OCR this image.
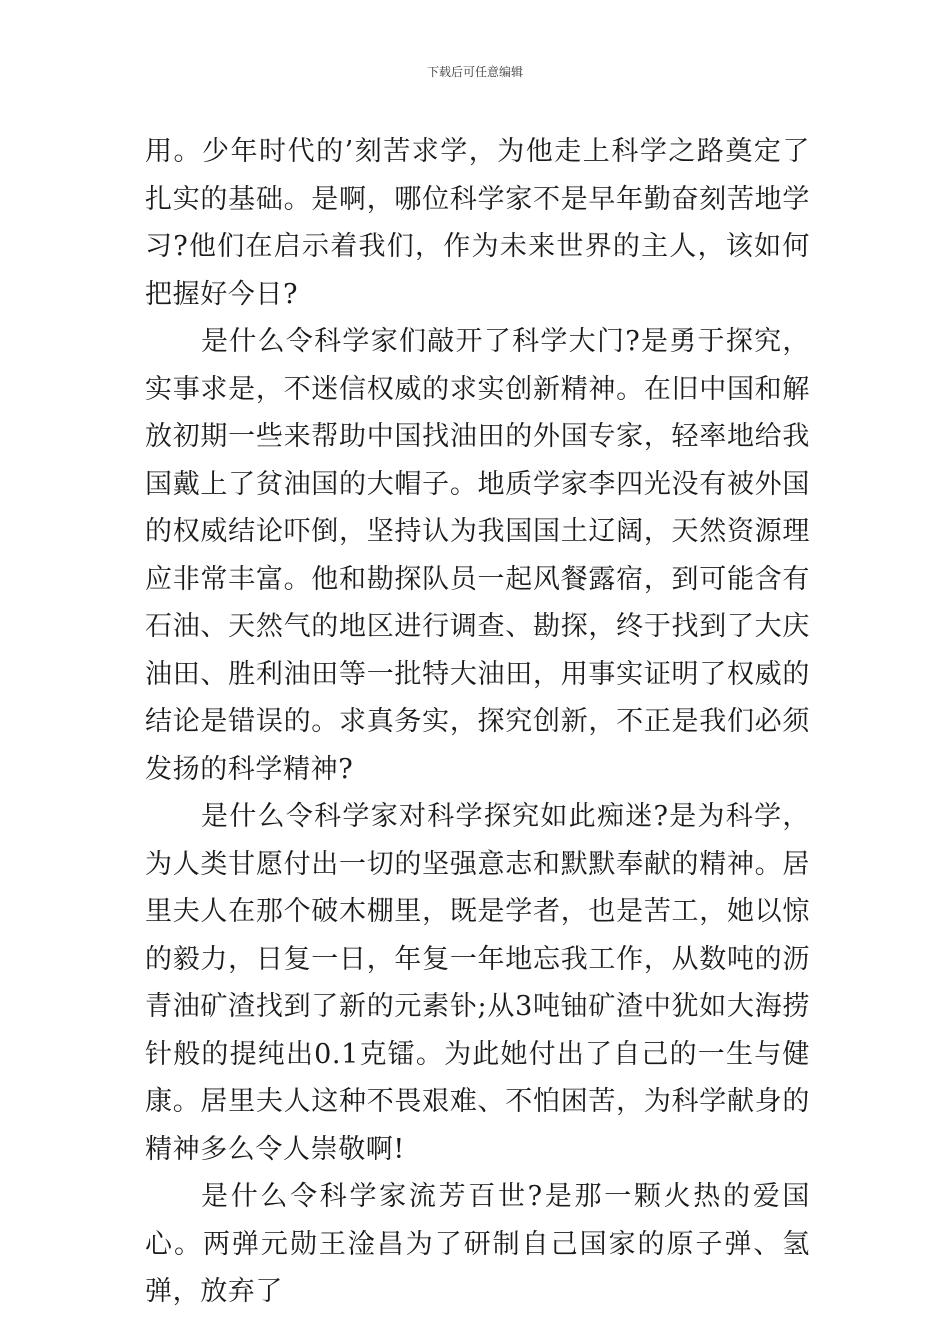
下载后可任意编辑

用。少年时代的’刻苦求学，为他走上科学之路奠定了扎实的基础。是啊，哪位科学家不是早年勤奋刻苦地学习?他们在启示着我们，作为未来世界的主人，该如何把握好今日?

是什么令科学家们敲开了科学大门?是勇于探究，实事求是，不迷信权威的求实创新精神。在旧中国和解放初期一些来帮助中国找油田的外国专家，轻率地给我国戴上了贫油国的大帽子。地质学家李四光没有被外国的权威结论吓倒，坚持认为我国国土辽阔，天然资源理应非常丰富。他和勘探队员一起风餐露宿，到可能含有石油、天然气的地区进行调查、勘探，终于找到了大庆油田、胜利油田等一批特大油田，用事实证明了权威的结论是错误的。求真务实，探究创新，不正是我们必须发扬的科学精神?

是什么令科学家对科学探究如此痴迷?是为科学，为人类甘愿付出一切的坚强意志和默默奉献的精神。居里夫人在那个破木棚里，既是学者，也是苦工，她以惊的毅力，日复一日，年复一年地忘我工作，从数吨的沥青油矿渣找到了新的元素钋;从3吨铀矿渣中犹如大海捞针般的提纯出0.1克镭。为此她付出了自己的一生与健康。居里夫人这种不畏艰难、不怕困苦，为科学献身的精神多么令人崇敬啊!

是什么令科学家流芳百世?是那一颗火热的爱国心。两弹元勋王淦昌为了研制自己国家的原子弹、氢弹，放弃了
